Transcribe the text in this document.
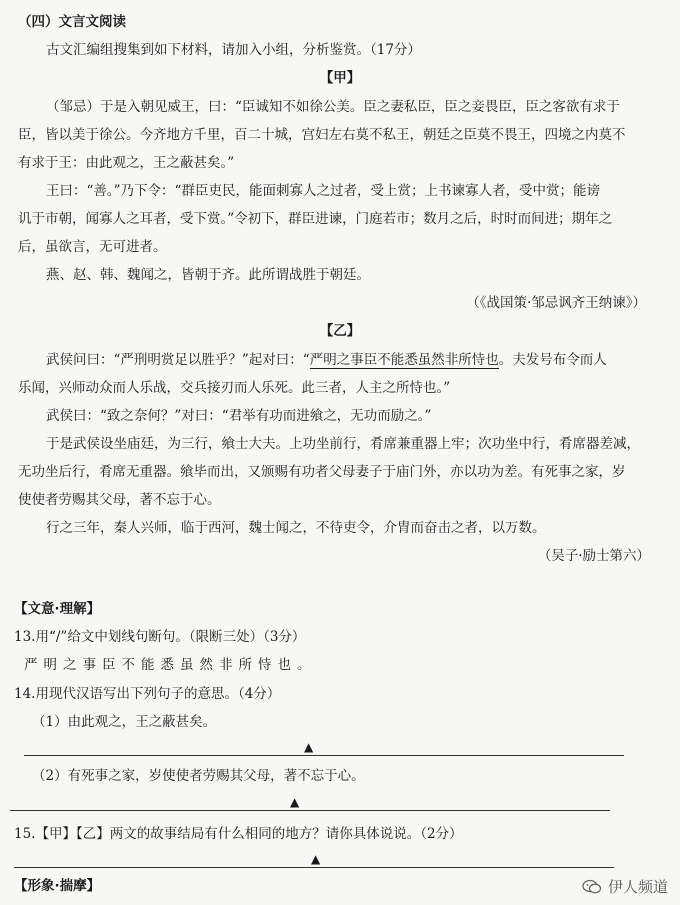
（四）文言文阅读
古文汇编组搜集到如下材料，请加入小组，分析鉴赏。（17分）
【甲】
（邹忌）于是入朝见威王，曰：“臣诚知不如徐公美。臣之妻私臣，臣之妾畏臣，臣之客欲有求于
臣，皆以美于徐公。今齐地方千里，百二十城，宫妇左右莫不私王，朝廷之臣莫不畏王，四境之内莫不
有求于王：由此观之，王之蔽甚矣。”
王曰：“善。”乃下令：“群臣吏民，能面刺寡人之过者，受上赏；上书谏寡人者，受中赏；能谤
讥于市朝，闻寡人之耳者，受下赏。”令初下，群臣进谏，门庭若市；数月之后，时时而间进；期年之
后，虽欲言，无可进者。
燕、赵、韩、魏闻之，皆朝于齐。此所谓战胜于朝廷。
（《战国策·邹忌讽齐王纳谏》）
【乙】
武侯问曰：“严刑明赏足以胜乎？”起对曰：“严明之事臣不能悉虽然非所恃也。夫发号布令而人
乐闻，兴师动众而人乐战，交兵接刃而人乐死。此三者，人主之所恃也。”
武侯曰：“致之奈何？”对曰：“君举有功而进飨之，无功而励之。”
于是武侯设坐庙廷，为三行，飨士大夫。上功坐前行，肴席兼重器上牢；次功坐中行，肴席器差减，
无功坐后行，肴席无重器。飨毕而出，又颁赐有功者父母妻子于庙门外，亦以功为差。有死事之家，岁
使使者劳赐其父母，著不忘于心。
行之三年，秦人兴师，临于西河，魏士闻之，不待吏令，介胄而奋击之者，以万数。
（吴子·励士第六）
【文意·理解】
13.用“/”给文中划线句断句。（限断三处）（3分）
严明之事臣不能悉虽然非所恃也。
14.用现代汉语写出下列句子的意思。（4分）
（1）由此观之，王之蔽甚矣。
▲
（2）有死事之家，岁使使者劳赐其父母，著不忘于心。
▲
15.【甲】【乙】两文的故事结局有什么相同的地方？请你具体说说。（2分）
▲
【形象·揣摩】	伊人频道
